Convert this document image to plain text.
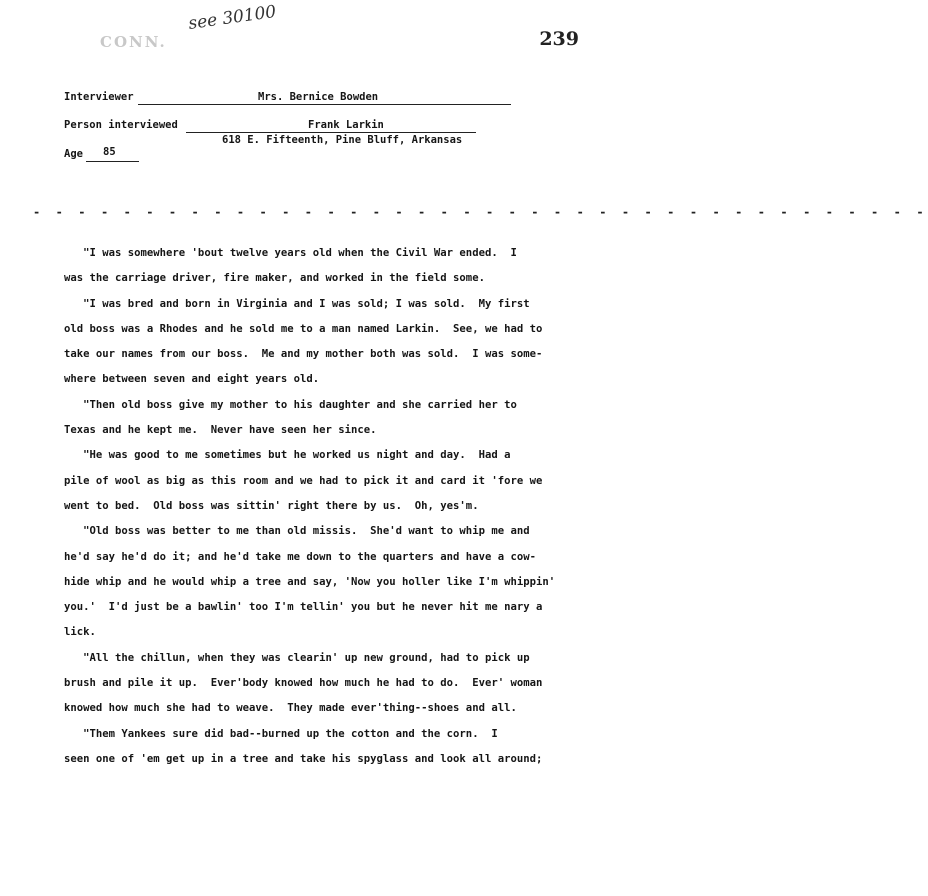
CONN.
see 30100
239
Interviewer	Mrs. Bernice Bowden
Person interviewed	Frank Larkin
618 E. Fifteenth, Pine Bluff, Arkansas
Age 85
- - - - - - - - - - - - - - - - - - - - - - - - - - - - - - - - - - - - - - - -

"I was somewhere 'bout twelve years old when the Civil War ended.  I

was the carriage driver, fire maker, and worked in the field some.

"I was bred and born in Virginia and I was sold; I was sold.  My first

old boss was a Rhodes and he sold me to a man named Larkin.  See, we had to

take our names from our boss.  Me and my mother both was sold.  I was some-

where between seven and eight years old.

"Then old boss give my mother to his daughter and she carried her to

Texas and he kept me.  Never have seen her since.

"He was good to me sometimes but he worked us night and day.  Had a

pile of wool as big as this room and we had to pick it and card it 'fore we

went to bed.  Old boss was sittin' right there by us.  Oh, yes'm.

"Old boss was better to me than old missis.  She'd want to whip me and

he'd say he'd do it; and he'd take me down to the quarters and have a cow-

hide whip and he would whip a tree and say, 'Now you holler like I'm whippin'

you.'  I'd just be a bawlin' too I'm tellin' you but he never hit me nary a

lick.

"All the chillun, when they was clearin' up new ground, had to pick up

brush and pile it up.  Ever'body knowed how much he had to do.  Ever' woman

knowed how much she had to weave.  They made ever'thing--shoes and all.

"Them Yankees sure did bad--burned up the cotton and the corn.  I

seen one of 'em get up in a tree and take his spyglass and look all around;
